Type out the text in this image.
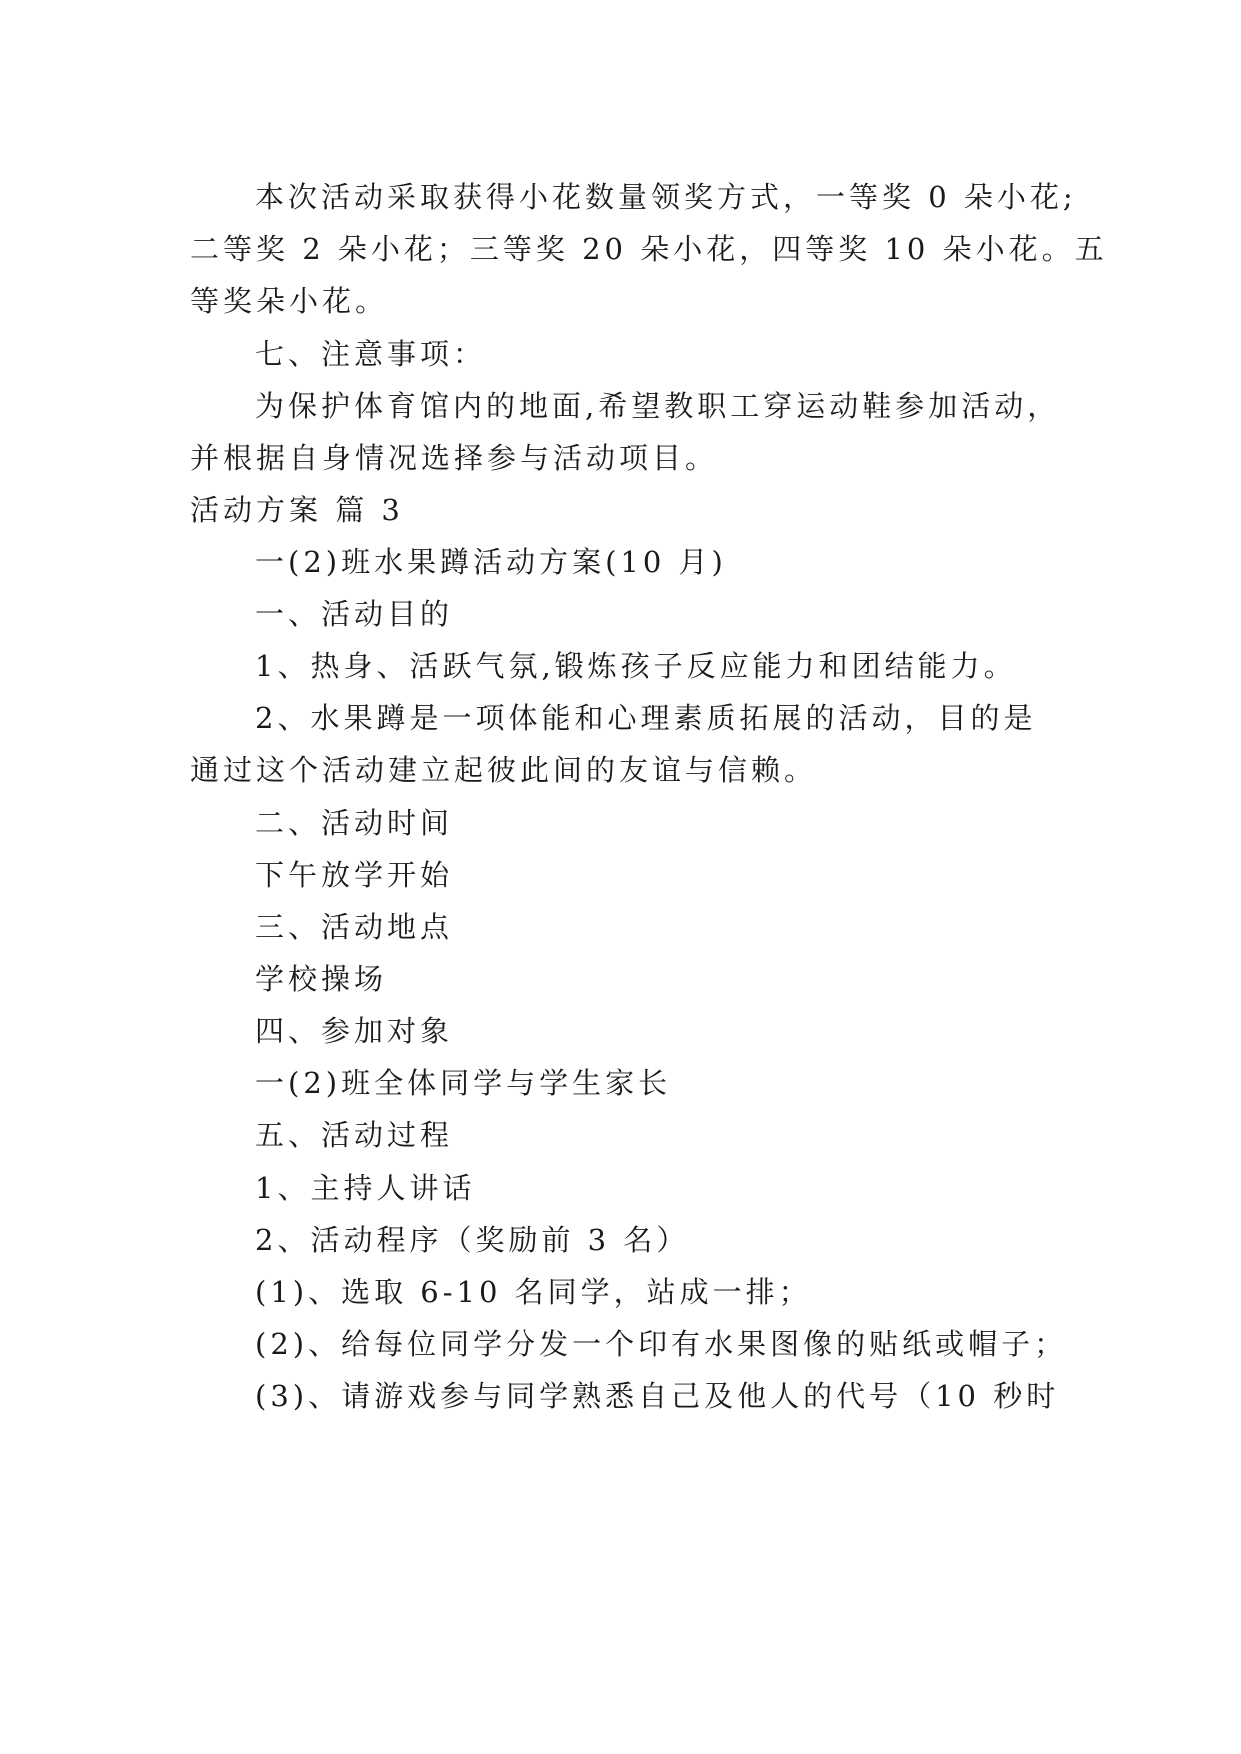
本次活动采取获得小花数量领奖方式，一等奖 0 朵小花;

二等奖 2 朵小花；三等奖 20 朵小花，四等奖 10 朵小花。五

等奖朵小花。

七、注意事项：

为保护体育馆内的地面,希望教职工穿运动鞋参加活动，

并根据自身情况选择参与活动项目。

活动方案 篇 3

一(2)班水果蹲活动方案(10 月)

一、活动目的

1、热身、活跃气氛,锻炼孩子反应能力和团结能力。

2、水果蹲是一项体能和心理素质拓展的活动，目的是

通过这个活动建立起彼此间的友谊与信赖。

二、活动时间

下午放学开始

三、活动地点

学校操场

四、参加对象

一(2)班全体同学与学生家长

五、活动过程

1、主持人讲话

2、活动程序（奖励前 3 名）

(1)、选取 6-10 名同学，站成一排；

(2)、给每位同学分发一个印有水果图像的贴纸或帽子；

(3)、请游戏参与同学熟悉自己及他人的代号（10 秒时
